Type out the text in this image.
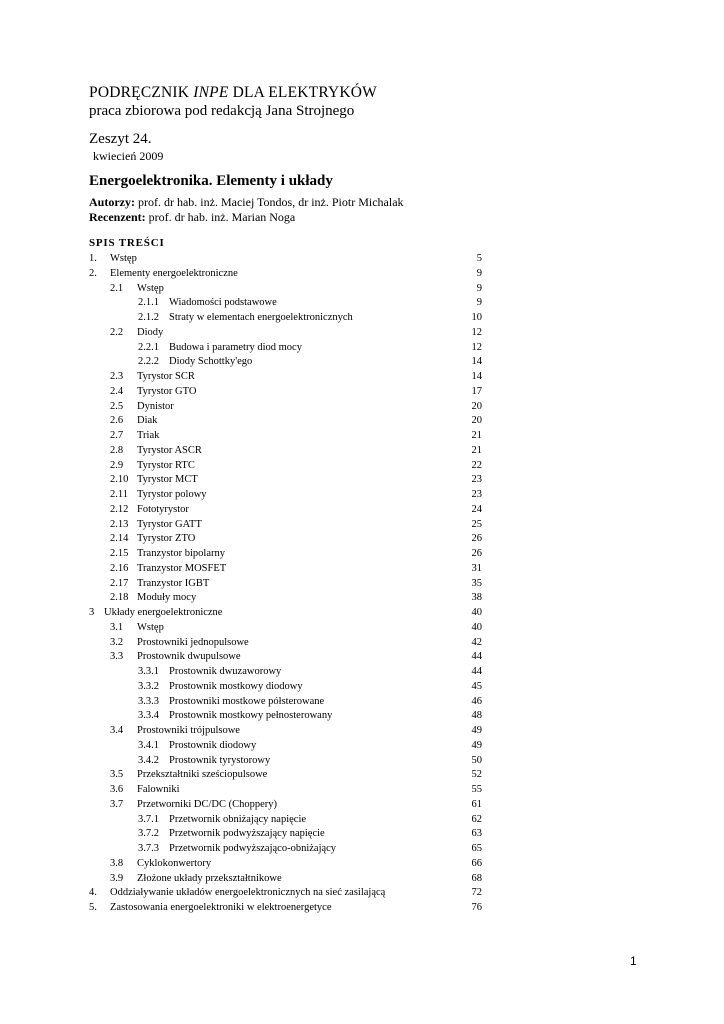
PODRĘCZNIK INPE DLA ELEKTRYKÓW
praca zbiorowa pod redakcją Jana Strojnego
Zeszyt 24.
kwiecień 2009
Energoelektronika. Elementy i układy
Autorzy: prof. dr hab. inż. Maciej Tondos, dr inż. Piotr Michalak
Recenzent: prof. dr hab. inż. Marian Noga
SPIS TREŚCI
1. Wstęp	5
2. Elementy energoelektroniczne	9
2.1 Wstęp	9
2.1.1 Wiadomości podstawowe	9
2.1.2 Straty w elementach energoelektronicznych	10
2.2 Diody	12
2.2.1 Budowa i parametry diod mocy	12
2.2.2 Diody Schottky'ego	14
2.3 Tyrystor SCR	14
2.4 Tyrystor GTO	17
2.5 Dynistor	20
2.6 Diak	20
2.7 Triak	21
2.8 Tyrystor ASCR	21
2.9 Tyrystor RTC	22
2.10 Tyrystor MCT	23
2.11 Tyrystor polowy	23
2.12 Fototyrystor	24
2.13 Tyrystor GATT	25
2.14 Tyrystor ZTO	26
2.15 Tranzystor bipolarny	26
2.16 Tranzystor MOSFET	31
2.17 Tranzystor IGBT	35
2.18 Moduły mocy	38
3 Układy energoelektroniczne	40
3.1 Wstęp	40
3.2 Prostowniki jednopulsowe	42
3.3 Prostownik dwupulsowe	44
3.3.1 Prostownik dwuzaworowy	44
3.3.2 Prostownik mostkowy diodowy	45
3.3.3 Prostowniki mostkowe półsterowane	46
3.3.4 Prostownik mostkowy pełnosterowany	48
3.4 Prostowniki trójpulsowe	49
3.4.1 Prostownik diodowy	49
3.4.2 Prostownik tyrystorowy	50
3.5 Przekształtniki sześciopulsowe	52
3.6 Falowniki	55
3.7 Przetworniki DC/DC (Choppery)	61
3.7.1 Przetwornik obniżający napięcie	62
3.7.2 Przetwornik podwyższający napięcie	63
3.7.3 Przetwornik podwyższająco-obniżający	65
3.8 Cyklokonwertory	66
3.9 Złożone układy przekształtnikowe	68
4. Oddziaływanie układów energoelektronicznych na sieć zasilającą	72
5. Zastosowania energoelektroniki w elektroenergetyce	76
1
